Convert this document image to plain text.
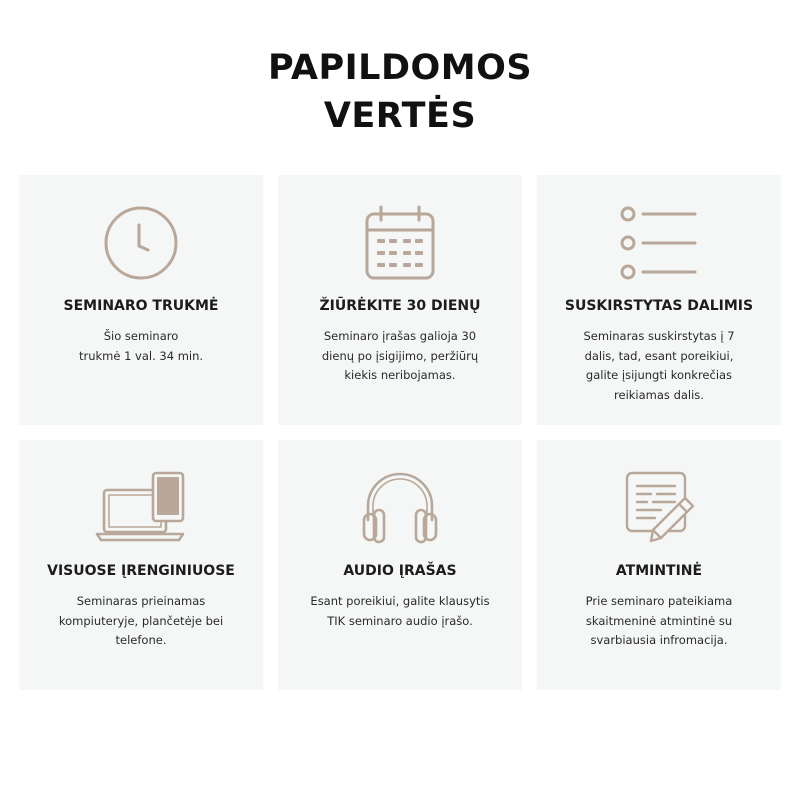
PAPILDOMOS
VERTĖS
SEMINARO TRUKMĖ

Šio seminaro
trukmė 1 val. 34 min.

ŽIŪRĖKITE 30 DIENŲ

Seminaro įrašas galioja 30
dienų po įsigijimo, peržiūrų
kiekis neribojamas.

SUSKIRSTYTAS DALIMIS

Seminaras suskirstytas į 7
dalis, tad, esant poreikiui,
galite įsijungti konkrečias
reikiamas dalis.

VISUOSE ĮRENGINIUOSE

Seminaras prieinamas
kompiuteryje, plančetėje bei
telefone.

AUDIO ĮRAŠAS

Esant poreikiui, galite klausytis
TIK seminaro audio įrašo.

ATMINTINĖ

Prie seminaro pateikiama
skaitmeninė atmintinė su
svarbiausia infromacija.
